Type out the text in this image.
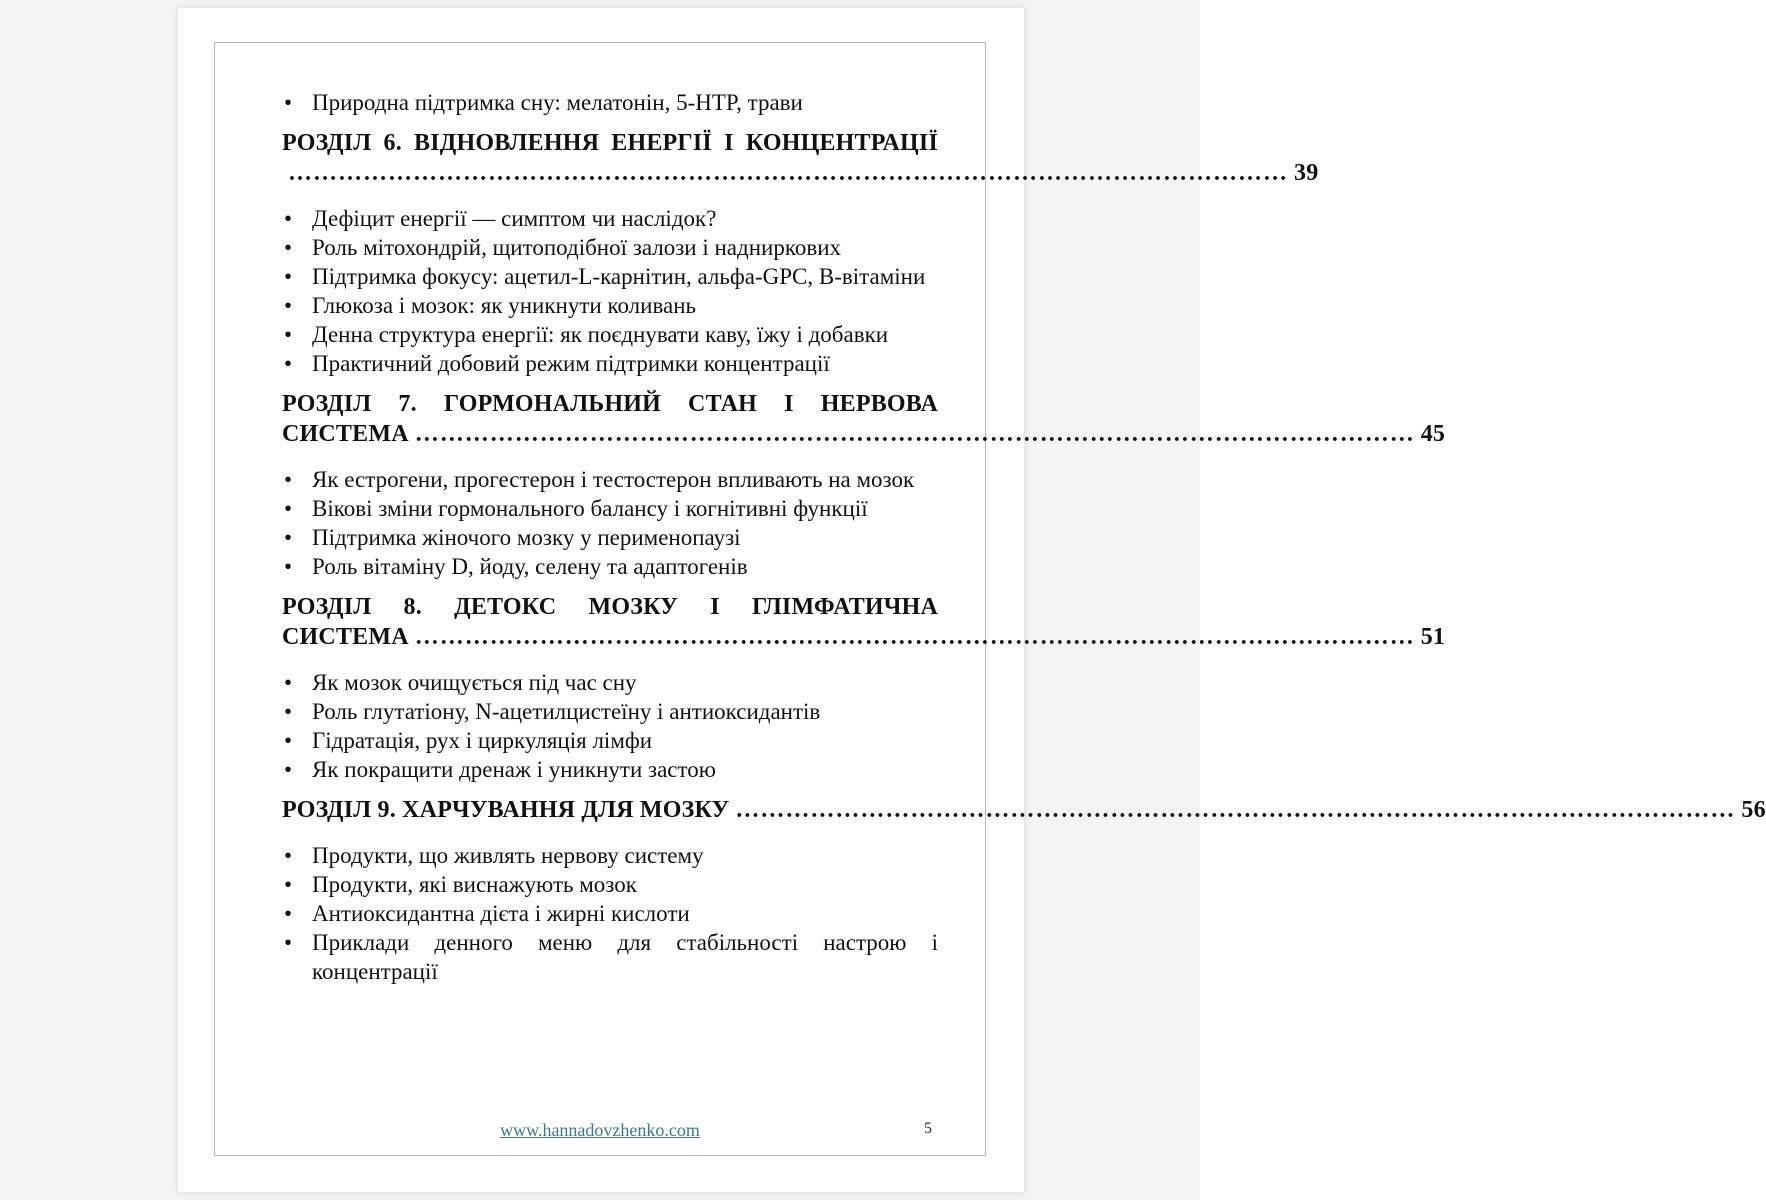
• Природна підтримка сну: мелатонін, 5-HTP, трави
РОЗДІЛ 6. ВІДНОВЛЕННЯ ЕНЕРГІЇ І КОНЦЕНТРАЦІЇ
………………………………………………………………………………………………………… 39
• Дефіцит енергії — симптом чи наслідок?
• Роль мітохондрій, щитоподібної залози і надниркових
• Підтримка фокусу: ацетил-L-карнітин, альфа-GPC, B-вітаміни
• Глюкоза і мозок: як уникнути коливань
• Денна структура енергії: як поєднувати каву, їжу і добавки
• Практичний добовий режим підтримки концентрації
РОЗДІЛ 7. ГОРМОНАЛЬНИЙ СТАН І НЕРВОВА
СИСТЕМА ………………………………………………………………………………………………………… 45
• Як естрогени, прогестерон і тестостерон впливають на мозок
• Вікові зміни гормонального балансу і когнітивні функції
• Підтримка жіночого мозку у перименопаузі
• Роль вітаміну D, йоду, селену та адаптогенів
РОЗДІЛ 8. ДЕТОКС МОЗКУ І ГЛІМФАТИЧНА
СИСТЕМА ………………………………………………………………………………………………………… 51
• Як мозок очищується під час сну
• Роль глутатіону, N-ацетилцистеїну і антиоксидантів
• Гідратація, рух і циркуляція лімфи
• Як покращити дренаж і уникнути застою
РОЗДІЛ 9. ХАРЧУВАННЯ ДЛЯ МОЗКУ ………………………………………………………………………………………………………… 56
• Продукти, що живлять нервову систему
• Продукти, які виснажують мозок
• Антиоксидантна дієта і жирні кислоти
• Приклади денного меню для стабільності настрою і концентрації
www.hannadovzhenko.com	5
